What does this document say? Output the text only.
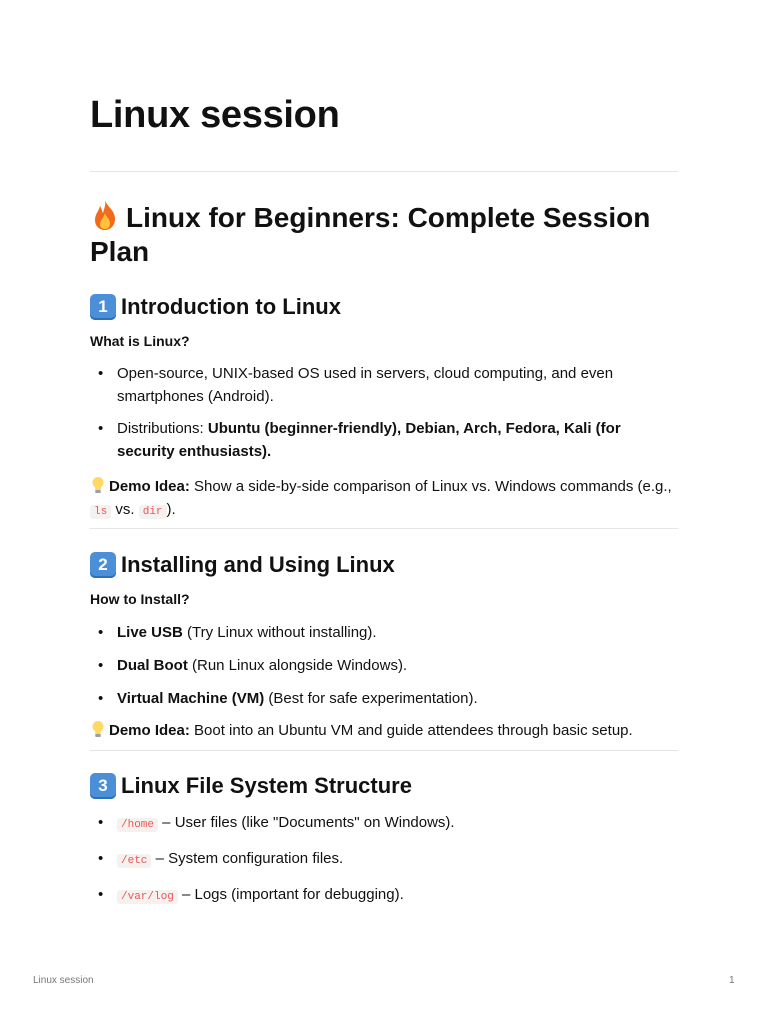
Linux session
Linux for Beginners: Complete Session Plan
1 Introduction to Linux
What is Linux?
• Open-source, UNIX-based OS used in servers, cloud computing, and even smartphones (Android).
• Distributions: Ubuntu (beginner-friendly), Debian, Arch, Fedora, Kali (for security enthusiasts).

Demo Idea: Show a side-by-side comparison of Linux vs. Windows commands (e.g., ls vs. dir ).

2 Installing and Using Linux
How to Install?
• Live USB (Try Linux without installing).
• Dual Boot (Run Linux alongside Windows).
• Virtual Machine (VM) (Best for safe experimentation).

Demo Idea: Boot into an Ubuntu VM and guide attendees through basic setup.

3 Linux File System Structure
• /home – User files (like "Documents" on Windows).
• /etc – System configuration files.
• /var/log – Logs (important for debugging).
Linux session	1
